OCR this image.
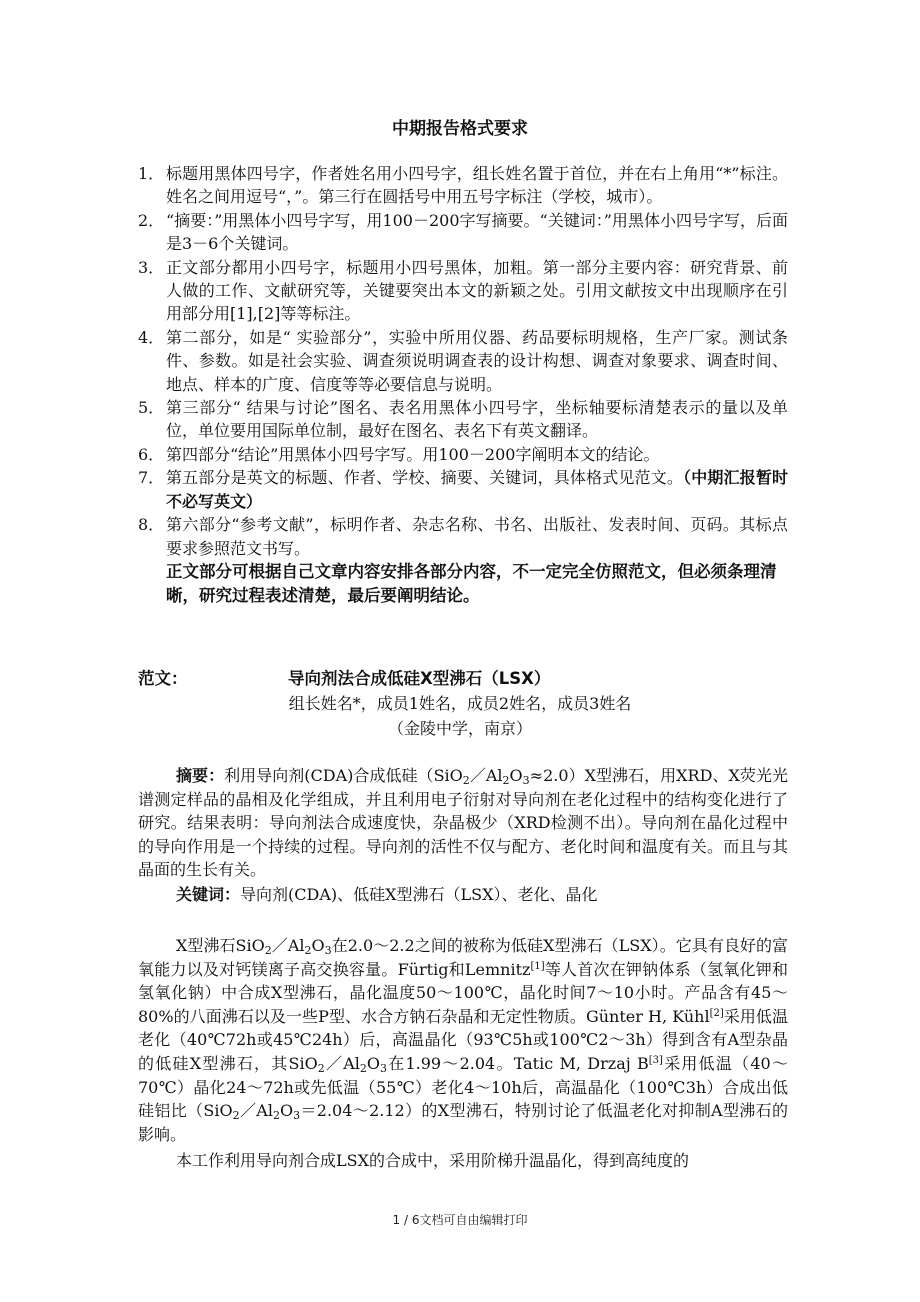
中期报告格式要求
1． 标题用黑体四号字，作者姓名用小四号字，组长姓名置于首位，并在右上角用“*”标注。姓名之间用逗号“，”。第三行在圆括号中用五号字标注（学校，城市）。
2． “摘要：”用黑体小四号字写，用100－200字写摘要。“关键词：”用黑体小四号字写，后面是3－6个关键词。
3． 正文部分都用小四号字，标题用小四号黑体，加粗。第一部分主要内容：研究背景、前人做的工作、文献研究等，关键要突出本文的新颖之处。引用文献按文中出现顺序在引用部分用[1],[2]等等标注。
4． 第二部分，如是“ 实验部分”，实验中所用仪器、药品要标明规格，生产厂家。测试条件、参数。如是社会实验、调查须说明调查表的设计构想、调查对象要求、调查时间、地点、样本的广度、信度等等必要信息与说明。
5． 第三部分“ 结果与讨论”图名、表名用黑体小四号字，坐标轴要标清楚表示的量以及单位，单位要用国际单位制，最好在图名、表名下有英文翻译。
6． 第四部分“结论”用黑体小四号字写。用100－200字阐明本文的结论。
7． 第五部分是英文的标题、作者、学校、摘要、关键词，具体格式见范文。（中期汇报暂时不必写英文）
8． 第六部分“参考文献”，标明作者、杂志名称、书名、出版社、发表时间、页码。其标点要求参照范文书写。
正文部分可根据自己文章内容安排各部分内容，不一定完全仿照范文，但必须条理清晰，研究过程表述清楚，最后要阐明结论。
范文：	导向剂法合成低硅X型沸石（LSX）
组长姓名*，成员1姓名，成员2姓名，成员3姓名
（金陵中学，南京）
摘要：利用导向剂(CDA)合成低硅$(SiO_2/Al_2O_3\approx 2.0)X$型沸石，用XRD、X荧光光谱测定样品的晶相及化学组成，并且利用电子衍射对导向剂在老化过程中的结构变化进行了研究。结果表明：导向剂法合成速度快，杂晶极少（XRD检测不出）。导向剂在晶化过程中的导向作用是一个持续的过程。导向剂的活性不仅与配方、老化时间和温度有关。而且与其晶面的生长有关。
关键词：导向剂(CDA)、低硅X型沸石（LSX）、老化、晶化
X型沸石$SiO_2/Al_2O_3$在2.0～2.2之间的被称为低硅X型沸石（LSX）。它具有良好的富氧能力以及对钙镁离子高交换容量。Fürtig和Lemnitz[1]等人首次在钾钠体系（氢氧化钾和氢氧化钠）中合成X型沸石，晶化温度50～100℃，晶化时间7～10小时。产品含有45～80%的八面沸石以及一些P型、水合方钠石杂晶和无定性物质。Günter H, Kühl[2]采用低温老化（40℃72h或45℃24h）后，高温晶化（93℃5h或100℃2～3h）得到含有A型杂晶的低硅X型沸石，其$SiO_2/Al_2O_3$在1.99～2.04。Tatic M, Drzaj B[3]采用低温（40～70℃）晶化24～72h或先低温（55℃）老化4～10h后，高温晶化（100℃3h）合成出低硅铝比$(SiO_2/Al_2O_3=2.04\sim 2.12)$的X型沸石，特别讨论了低温老化对抑制A型沸石的影响。
本工作利用导向剂合成LSX的合成中，采用阶梯升温晶化，得到高纯度的
1 / 6文档可自由编辑打印
